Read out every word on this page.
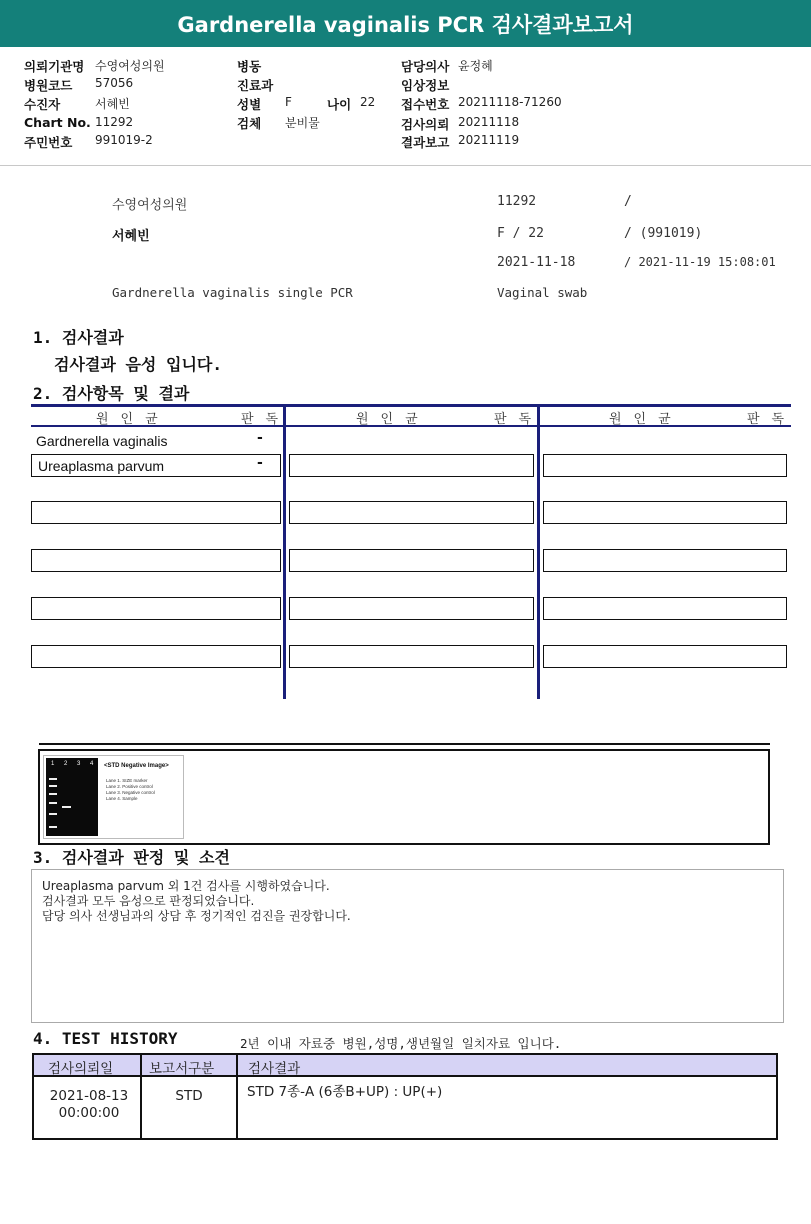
Gardnerella vaginalis PCR 검사결과보고서
의뢰기관명 수영여성의원
병원코드 57056
수진자	서혜빈
Chart No. 11292
주민번호 991019-2
병동
진료과
성별 F	나이 22
검체 분비물
담당의사 윤정혜
임상정보
접수번호 20211118-71260
검사의뢰 20211118
결과보고 20211119
수영여성의원	11292	/
서혜빈	F / 22	/ (991019)
2021-11-18	/ 2021-11-19 15:08:01
Gardnerella vaginalis single PCR	Vaginal swab
1. 검사결과
검사결과 음성 입니다.
2. 검사항목 및 결과
원인균	판독	원인균	판독	원인균	판독
Gardnerella vaginalis	-
Ureaplasma parvum	-
1 2 3 4 <STD Negative Image>
Lane 1. SIZE marker
Lane 2. Positive control
Lane 3. Negative control
Lane 4. Sample
3. 검사결과 판정 및 소견
Ureaplasma parvum 외 1건 검사를 시행하였습니다.
검사결과 모두 음성으로 판정되었습니다.
담당 의사 선생님과의 상담 후 정기적인 검진을 권장합니다.
4. TEST HISTORY	2년 이내 자료중 병원,성명,생년월일 일치자료 입니다.
검사의뢰일	보고서구분	검사결과
2021-08-13
00:00:00
STD	STD 7종-A (6종B+UP) : UP(+)
